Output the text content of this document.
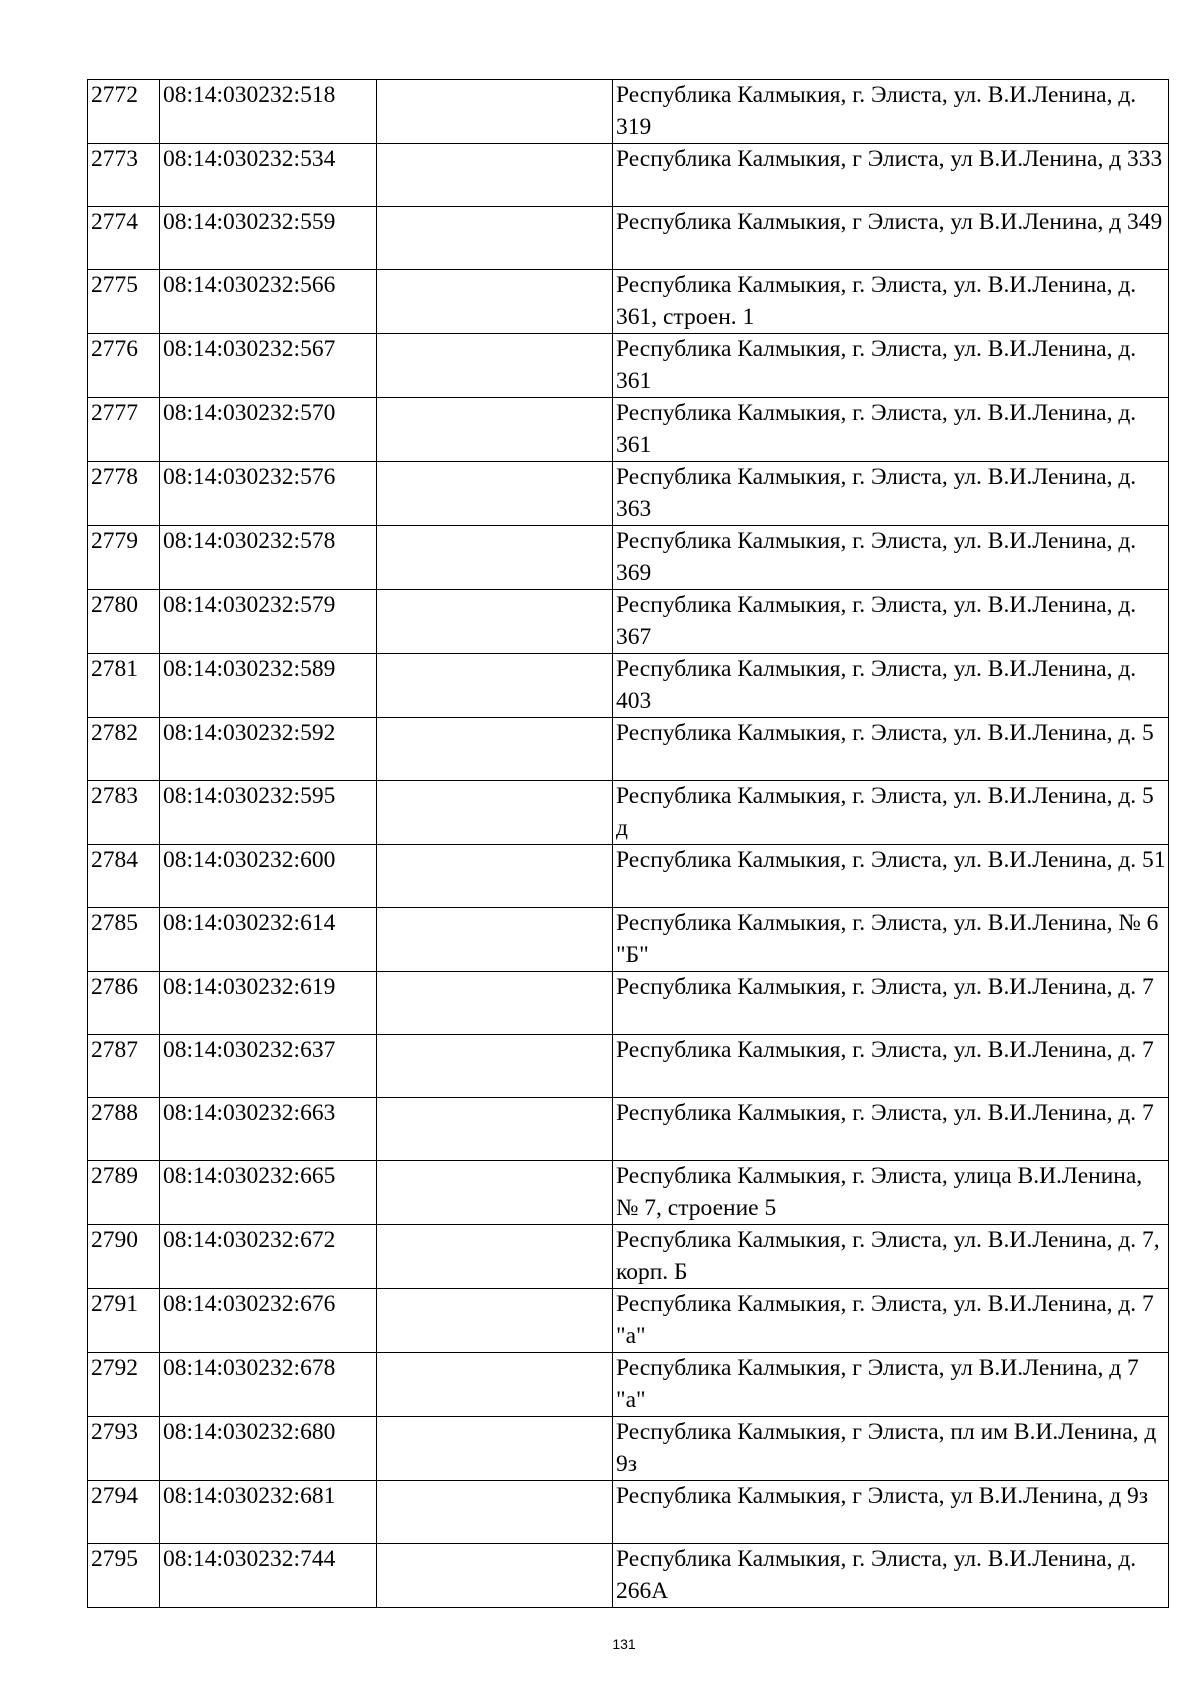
2772	08:14:030232:518		Республика Калмыкия, г. Элиста, ул. В.И.Ленина, д. 319
2773	08:14:030232:534		Республика Калмыкия, г Элиста, ул В.И.Ленина, д 333
2774	08:14:030232:559		Республика Калмыкия, г Элиста, ул В.И.Ленина, д 349
2775	08:14:030232:566		Республика Калмыкия, г. Элиста, ул. В.И.Ленина, д. 361, строен. 1
2776	08:14:030232:567		Республика Калмыкия, г. Элиста, ул. В.И.Ленина, д. 361
2777	08:14:030232:570		Республика Калмыкия, г. Элиста, ул. В.И.Ленина, д. 361
2778	08:14:030232:576		Республика Калмыкия, г. Элиста, ул. В.И.Ленина, д. 363
2779	08:14:030232:578		Республика Калмыкия, г. Элиста, ул. В.И.Ленина, д. 369
2780	08:14:030232:579		Республика Калмыкия, г. Элиста, ул. В.И.Ленина, д. 367
2781	08:14:030232:589		Республика Калмыкия, г. Элиста, ул. В.И.Ленина, д. 403
2782	08:14:030232:592		Республика Калмыкия, г. Элиста, ул. В.И.Ленина, д. 5
2783	08:14:030232:595		Республика Калмыкия, г. Элиста, ул. В.И.Ленина, д. 5 д
2784	08:14:030232:600		Республика Калмыкия, г. Элиста, ул. В.И.Ленина, д. 51
2785	08:14:030232:614		Республика Калмыкия, г. Элиста, ул. В.И.Ленина, № 6 "Б"
2786	08:14:030232:619		Республика Калмыкия, г. Элиста, ул. В.И.Ленина, д. 7
2787	08:14:030232:637		Республика Калмыкия, г. Элиста, ул. В.И.Ленина, д. 7
2788	08:14:030232:663		Республика Калмыкия, г. Элиста, ул. В.И.Ленина, д. 7
2789	08:14:030232:665		Республика Калмыкия, г. Элиста, улица В.И.Ленина, № 7, строение 5
2790	08:14:030232:672		Республика Калмыкия, г. Элиста, ул. В.И.Ленина, д. 7, корп. Б
2791	08:14:030232:676		Республика Калмыкия, г. Элиста, ул. В.И.Ленина, д. 7 "а"
2792	08:14:030232:678		Республика Калмыкия, г Элиста, ул В.И.Ленина, д 7 "а"
2793	08:14:030232:680		Республика Калмыкия, г Элиста, пл им В.И.Ленина, д 9з
2794	08:14:030232:681		Республика Калмыкия, г Элиста, ул В.И.Ленина, д 9з
2795	08:14:030232:744		Республика Калмыкия, г. Элиста, ул. В.И.Ленина, д. 266А
131
